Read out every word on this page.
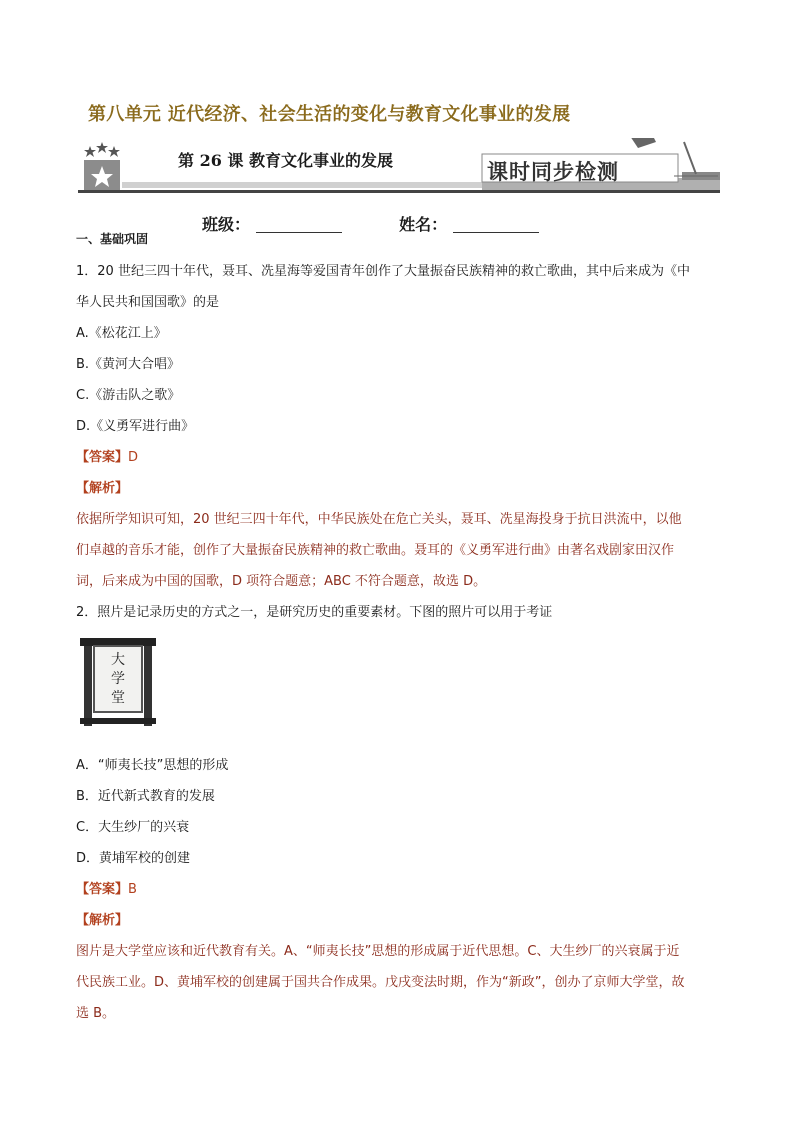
第八单元 近代经济、社会生活的变化与教育文化事业的发展
第 26 课 教育文化事业的发展	课时同步检测
班级：	姓名：
一、基础巩固

1．20 世纪三四十年代，聂耳、冼星海等爱国青年创作了大量振奋民族精神的救亡歌曲，其中后来成为《中

华人民共和国国歌》的是

A.《松花江上》

B.《黄河大合唱》

C.《游击队之歌》

D.《义勇军进行曲》

【答案】D

【解析】

依据所学知识可知，20 世纪三四十年代，中华民族处在危亡关头，聂耳、冼星海投身于抗日洪流中，以他

们卓越的音乐才能，创作了大量振奋民族精神的救亡歌曲。聂耳的《义勇军进行曲》由著名戏剧家田汉作

词，后来成为中国的国歌，D 项符合题意；ABC 不符合题意，故选 D。

2．照片是记录历史的方式之一，是研究历史的重要素材。下图的照片可以用于考证

大
学
堂

A．“师夷长技”思想的形成

B．近代新式教育的发展

C．大生纱厂的兴衰

D．黄埔军校的创建

【答案】B

【解析】

图片是大学堂应该和近代教育有关。A、“师夷长技”思想的形成属于近代思想。C、大生纱厂的兴衰属于近

代民族工业。D、黄埔军校的创建属于国共合作成果。戊戌变法时期，作为“新政”，创办了京师大学堂，故

选 B。
